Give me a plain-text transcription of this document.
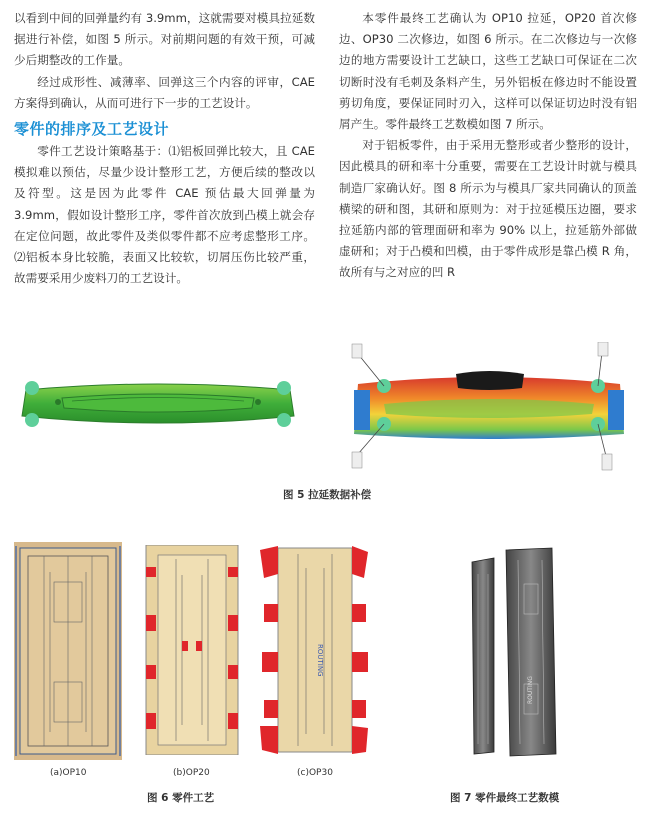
以看到中间的回弹量约有 3.9mm，这就需要对模具拉延数据进行补偿，如图 5 所示。对前期问题的有效干预，可减少后期整改的工作量。

经过成形性、减薄率、回弹这三个内容的评审，CAE 方案得到确认，从而可进行下一步的工艺设计。

零件的排序及工艺设计

零件工艺设计策略基于：⑴铝板回弹比较大，且 CAE 模拟难以预估，尽量少设计整形工艺，方便后续的整改以及符型。这是因为此零件 CAE 预估最大回弹量为 3.9mm，假如设计整形工序，零件首次放到凸模上就会存在定位问题，故此零件及类似零件都不应考虑整形工序。⑵铝板本身比较脆，表面又比较软，切屑压伤比较严重，故需要采用少废料刀的工艺设计。

本零件最终工艺确认为 OP10 拉延，OP20 首次修边、OP30 二次修边，如图 6 所示。在二次修边与一次修边的地方需要设计工艺缺口，这些工艺缺口可保证在二次切断时没有毛刺及条料产生，另外铝板在修边时不能设置剪切角度，要保证同时刃入，这样可以保证切边时没有铝屑产生。零件最终工艺数模如图 7 所示。

对于铝板零件，由于采用无整形或者少整形的设计，因此模具的研和率十分重要，需要在工艺设计时就与模具制造厂家确认好。图 8 所示为与模具厂家共同确认的顶盖横梁的研和图，其研和原则为：对于拉延模压边圈，要求拉延筋内部的管理面研和率为 90% 以上，拉延筋外部做虚研和；对于凸模和凹模，由于零件成形是靠凸模 R 角，故所有与之对应的凹 R

图 5 拉延数据补偿
ROUTING
(a)OP10	(b)OP20	(c)OP30
图 6 零件工艺
ROUTING
图 7 零件最终工艺数模
